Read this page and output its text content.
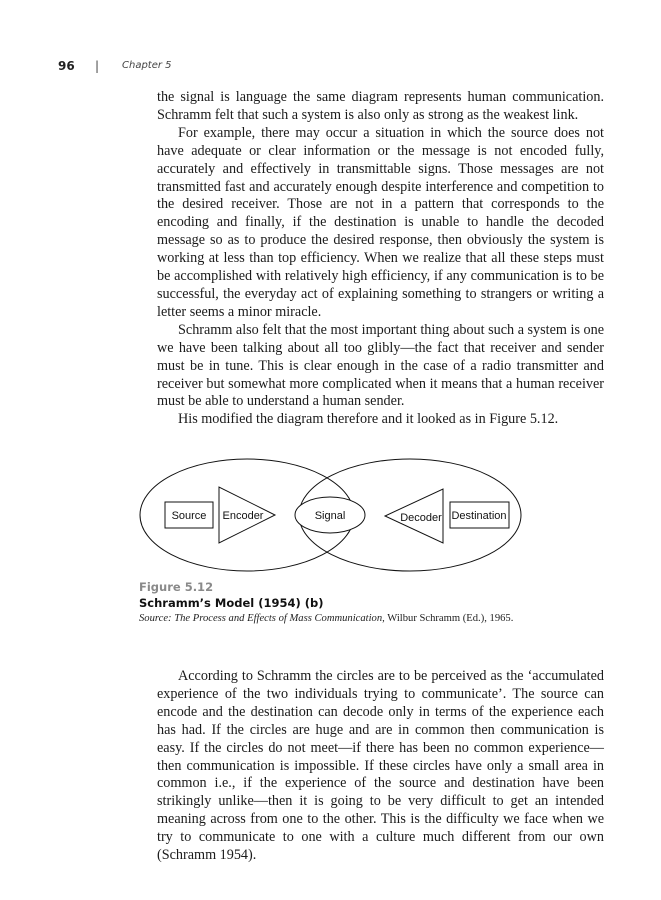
96 | Chapter 5

the signal is language the same diagram represents human communication. Schramm felt that such a system is also only as strong as the weakest link.

For example, there may occur a situation in which the source does not have adequate or clear information or the message is not encoded fully, accurately and effectively in transmittable signs. Those messages are not transmitted fast and accurately enough despite interference and competition to the desired receiver. Those are not in a pattern that corresponds to the encoding and finally, if the destination is unable to handle the decoded message so as to produce the desired response, then obviously the system is working at less than top efficiency. When we realize that all these steps must be accomplished with relatively high efficiency, if any communication is to be successful, the everyday act of explaining something to strangers or writing a letter seems a minor miracle.

Schramm also felt that the most important thing about such a system is one we have been talking about all too glibly—the fact that receiver and sender must be in tune. This is clear enough in the case of a radio transmitter and receiver but somewhat more complicated when it means that a human receiver must be able to understand a human sender.

His modified the diagram therefore and it looked as in Figure 5.12.

Source Encoder	Signal	Decoder Destination
Figure 5.12
Schramm’s Model (1954) (b)
Source: The Process and Effects of Mass Communication, Wilbur Schramm (Ed.), 1965.

According to Schramm the circles are to be perceived as the ‘accumulated experience of the two individuals trying to communicate’. The source can encode and the destination can decode only in terms of the experience each has had. If the circles are huge and are in common then communication is easy. If the circles do not meet—if there has been no common experience—then communication is impossible. If these circles have only a small area in common i.e., if the experience of the source and destination have been strikingly unlike—then it is going to be very difficult to get an intended meaning across from one to the other. This is the difficulty we face when we try to communicate to one with a culture much different from our own (Schramm 1954).
